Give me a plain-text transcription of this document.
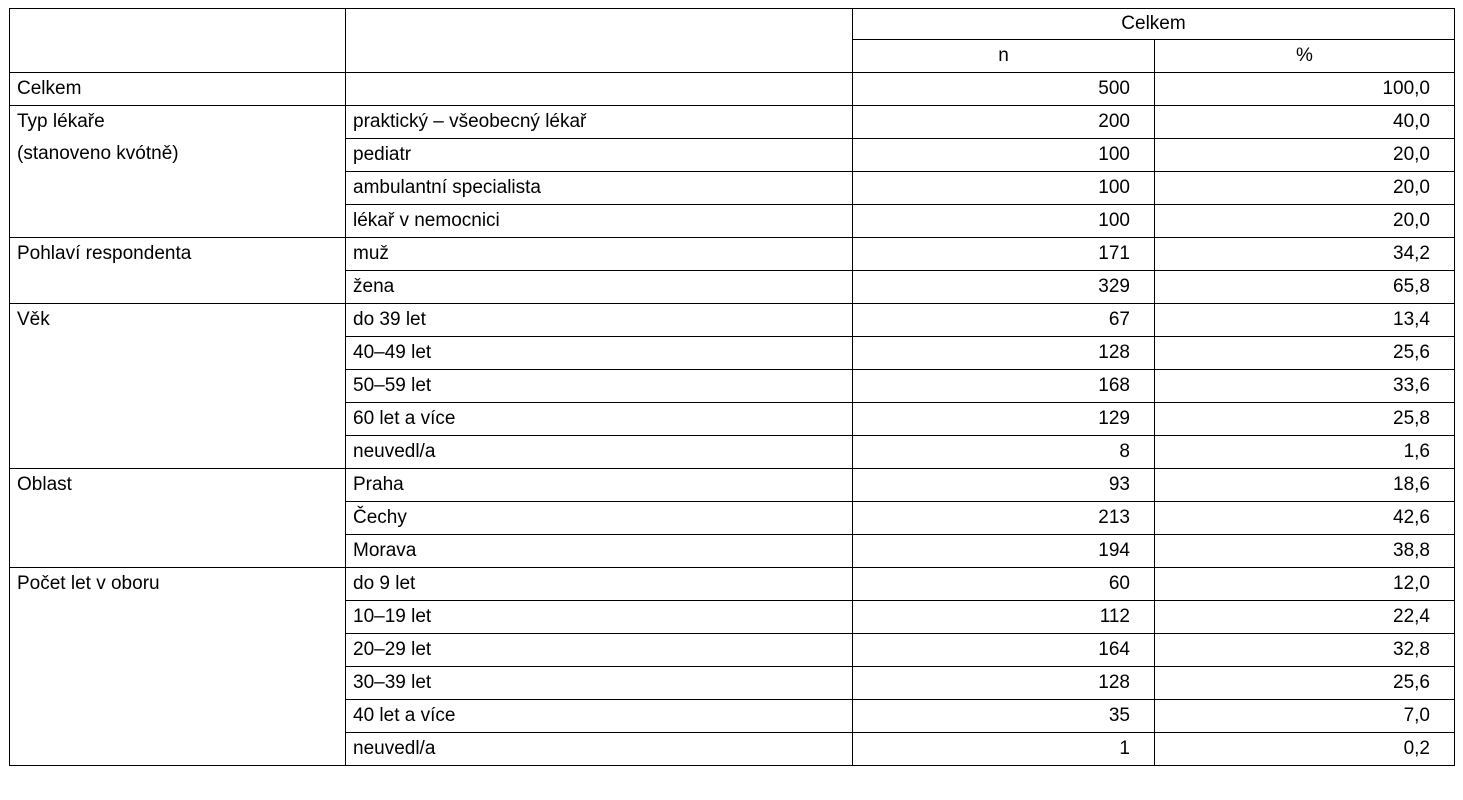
		Celkem	
		n	%
Celkem		500	100,0

Typ lékaře
(stanoveno kvótně)	praktický – všeobecný lékař	200	40,0
	pediatr	100	20,0
	ambulantní specialista	100	20,0
	lékař v nemocnici	100	20,0

Pohlaví respondenta	muž	171	34,2
	žena	329	65,8

Věk	do 39 let	67	13,4
	40–49 let	128	25,6
	50–59 let	168	33,6
	60 let a více	129	25,8
	neuvedl/a	8	1,6

Oblast	Praha	93	18,6
	Čechy	213	42,6
	Morava	194	38,8

Počet let v oboru	do 9 let	60	12,0
	10–19 let	112	22,4
	20–29 let	164	32,8
	30–39 let	128	25,6
	40 let a více	35	7,0
	neuvedl/a	1	0,2
